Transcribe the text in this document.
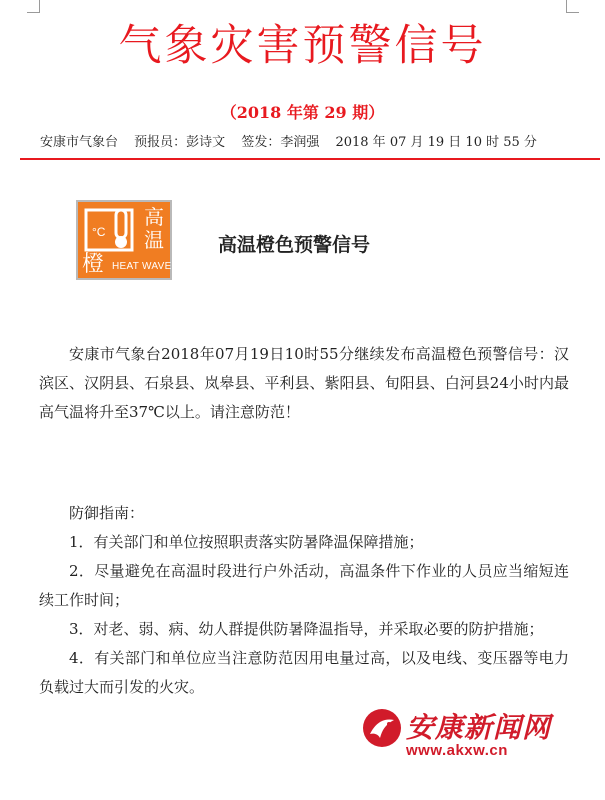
气象灾害预警信号
（2018 年第 29 期）
安康市气象台 预报员：彭诗文 签发：李润强 2018 年 07 月 19 日 10 时 55 分
°C
高
温
橙 HEAT WAVE
高温橙色预警信号

安康市气象台2018年07月19日10时55分继续发布高温橙色预警信号：汉滨区、汉阴县、石泉县、岚皋县、平利县、紫阳县、旬阳县、白河县24小时内最高气温将升至37℃以上。请注意防范！

防御指南：

1．有关部门和单位按照职责落实防暑降温保障措施；

2．尽量避免在高温时段进行户外活动，高温条件下作业的人员应当缩短连续工作时间；

3．对老、弱、病、幼人群提供防暑降温指导，并采取必要的防护措施；

4．有关部门和单位应当注意防范因用电量过高，以及电线、变压器等电力负载过大而引发的火灾。

安康新闻网
www.akxw.cn
